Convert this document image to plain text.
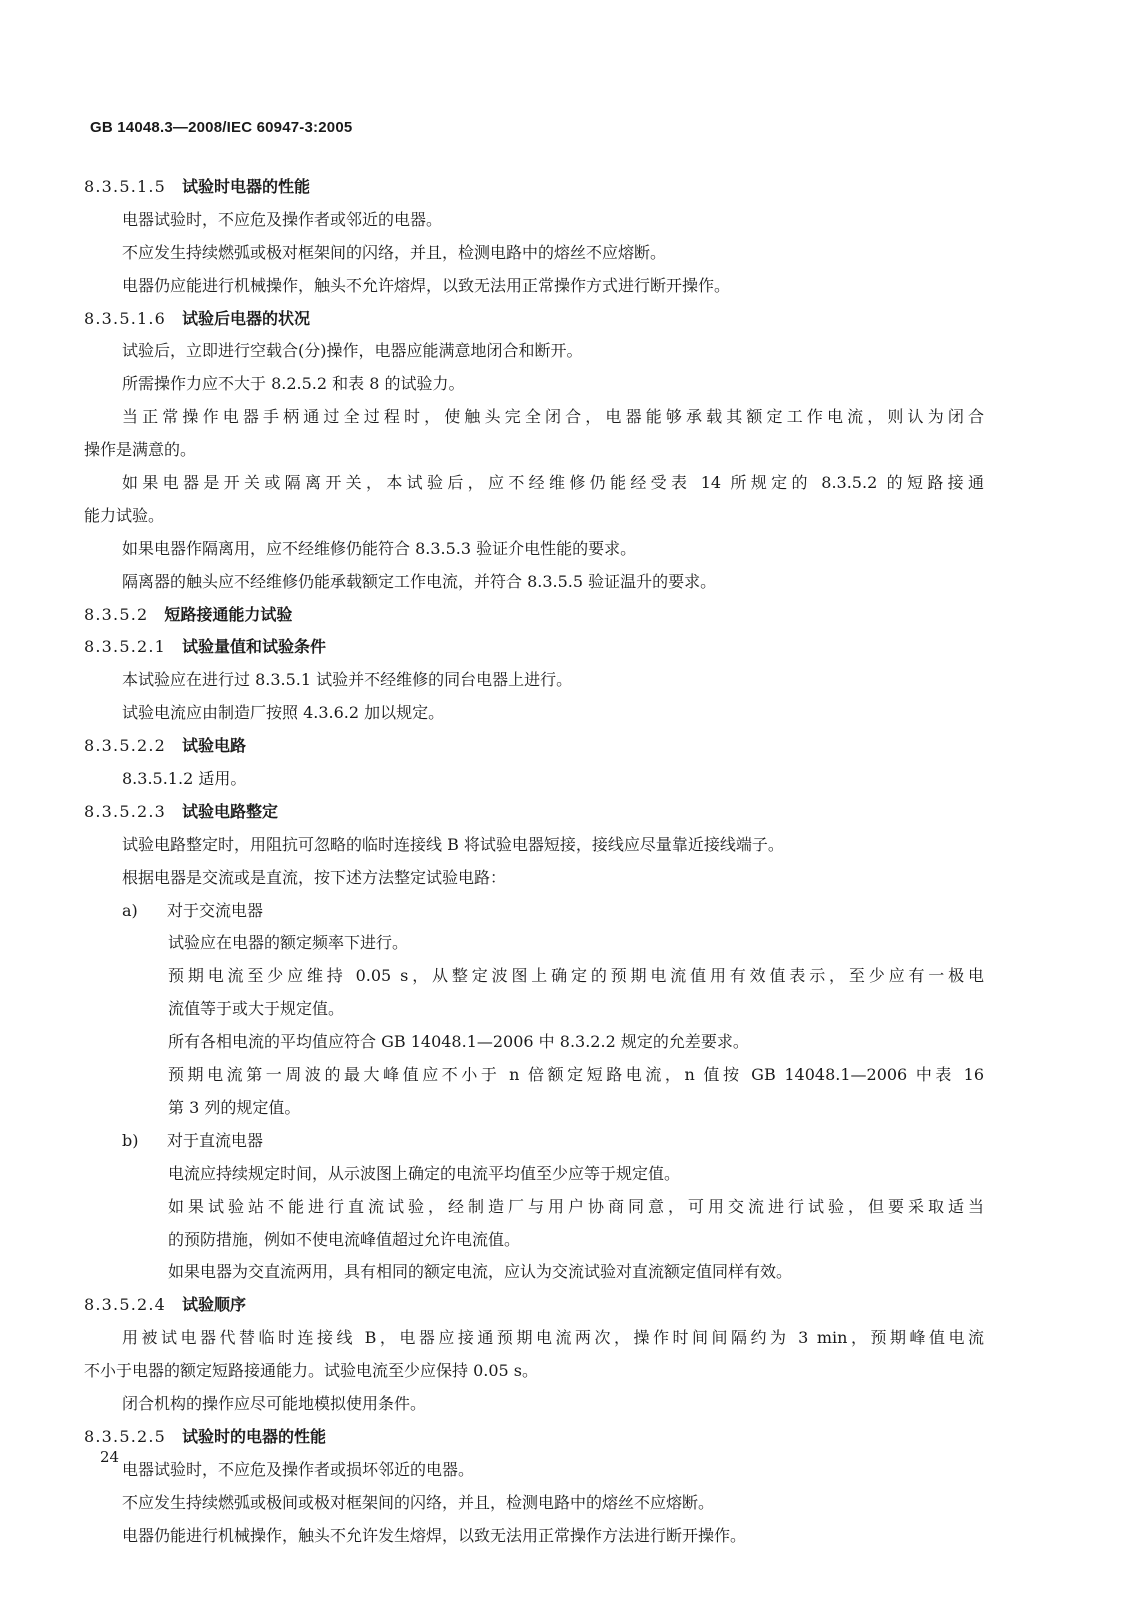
GB 14048.3—2008/IEC 60947-3:2005
8.3.5.1.5 试验时电器的性能
电器试验时，不应危及操作者或邻近的电器。
不应发生持续燃弧或极对框架间的闪络，并且，检测电路中的熔丝不应熔断。
电器仍应能进行机械操作，触头不允许熔焊，以致无法用正常操作方式进行断开操作。
8.3.5.1.6 试验后电器的状况
试验后，立即进行空载合(分)操作，电器应能满意地闭合和断开。
所需操作力应不大于 8.2.5.2 和表 8 的试验力。
当正常操作电器手柄通过全过程时，使触头完全闭合，电器能够承载其额定工作电流，则认为闭合
操作是满意的。
如果电器是开关或隔离开关，本试验后，应不经维修仍能经受表 14 所规定的 8.3.5.2 的短路接通
能力试验。
如果电器作隔离用，应不经维修仍能符合 8.3.5.3 验证介电性能的要求。
隔离器的触头应不经维修仍能承载额定工作电流，并符合 8.3.5.5 验证温升的要求。
8.3.5.2 短路接通能力试验
8.3.5.2.1 试验量值和试验条件
本试验应在进行过 8.3.5.1 试验并不经维修的同台电器上进行。
试验电流应由制造厂按照 4.3.6.2 加以规定。
8.3.5.2.2 试验电路
8.3.5.1.2 适用。
8.3.5.2.3 试验电路整定
试验电路整定时，用阻抗可忽略的临时连接线 B 将试验电器短接，接线应尽量靠近接线端子。
根据电器是交流或是直流，按下述方法整定试验电路：
a) 对于交流电器
试验应在电器的额定频率下进行。
预期电流至少应维持 0.05 s，从整定波图上确定的预期电流值用有效值表示，至少应有一极电
流值等于或大于规定值。
所有各相电流的平均值应符合 GB 14048.1—2006 中 8.3.2.2 规定的允差要求。
预期电流第一周波的最大峰值应不小于 n 倍额定短路电流，n 值按 GB 14048.1—2006 中表 16
第 3 列的规定值。
b) 对于直流电器
电流应持续规定时间，从示波图上确定的电流平均值至少应等于规定值。
如果试验站不能进行直流试验，经制造厂与用户协商同意，可用交流进行试验，但要采取适当
的预防措施，例如不使电流峰值超过允许电流值。
如果电器为交直流两用，具有相同的额定电流，应认为交流试验对直流额定值同样有效。
8.3.5.2.4 试验顺序
用被试电器代替临时连接线 B，电器应接通预期电流两次，操作时间间隔约为 3 min，预期峰值电流
不小于电器的额定短路接通能力。试验电流至少应保持 0.05 s。
闭合机构的操作应尽可能地模拟使用条件。
8.3.5.2.5 试验时的电器的性能
电器试验时，不应危及操作者或损坏邻近的电器。
不应发生持续燃弧或极间或极对框架间的闪络，并且，检测电路中的熔丝不应熔断。
电器仍能进行机械操作，触头不允许发生熔焊，以致无法用正常操作方法进行断开操作。
24
